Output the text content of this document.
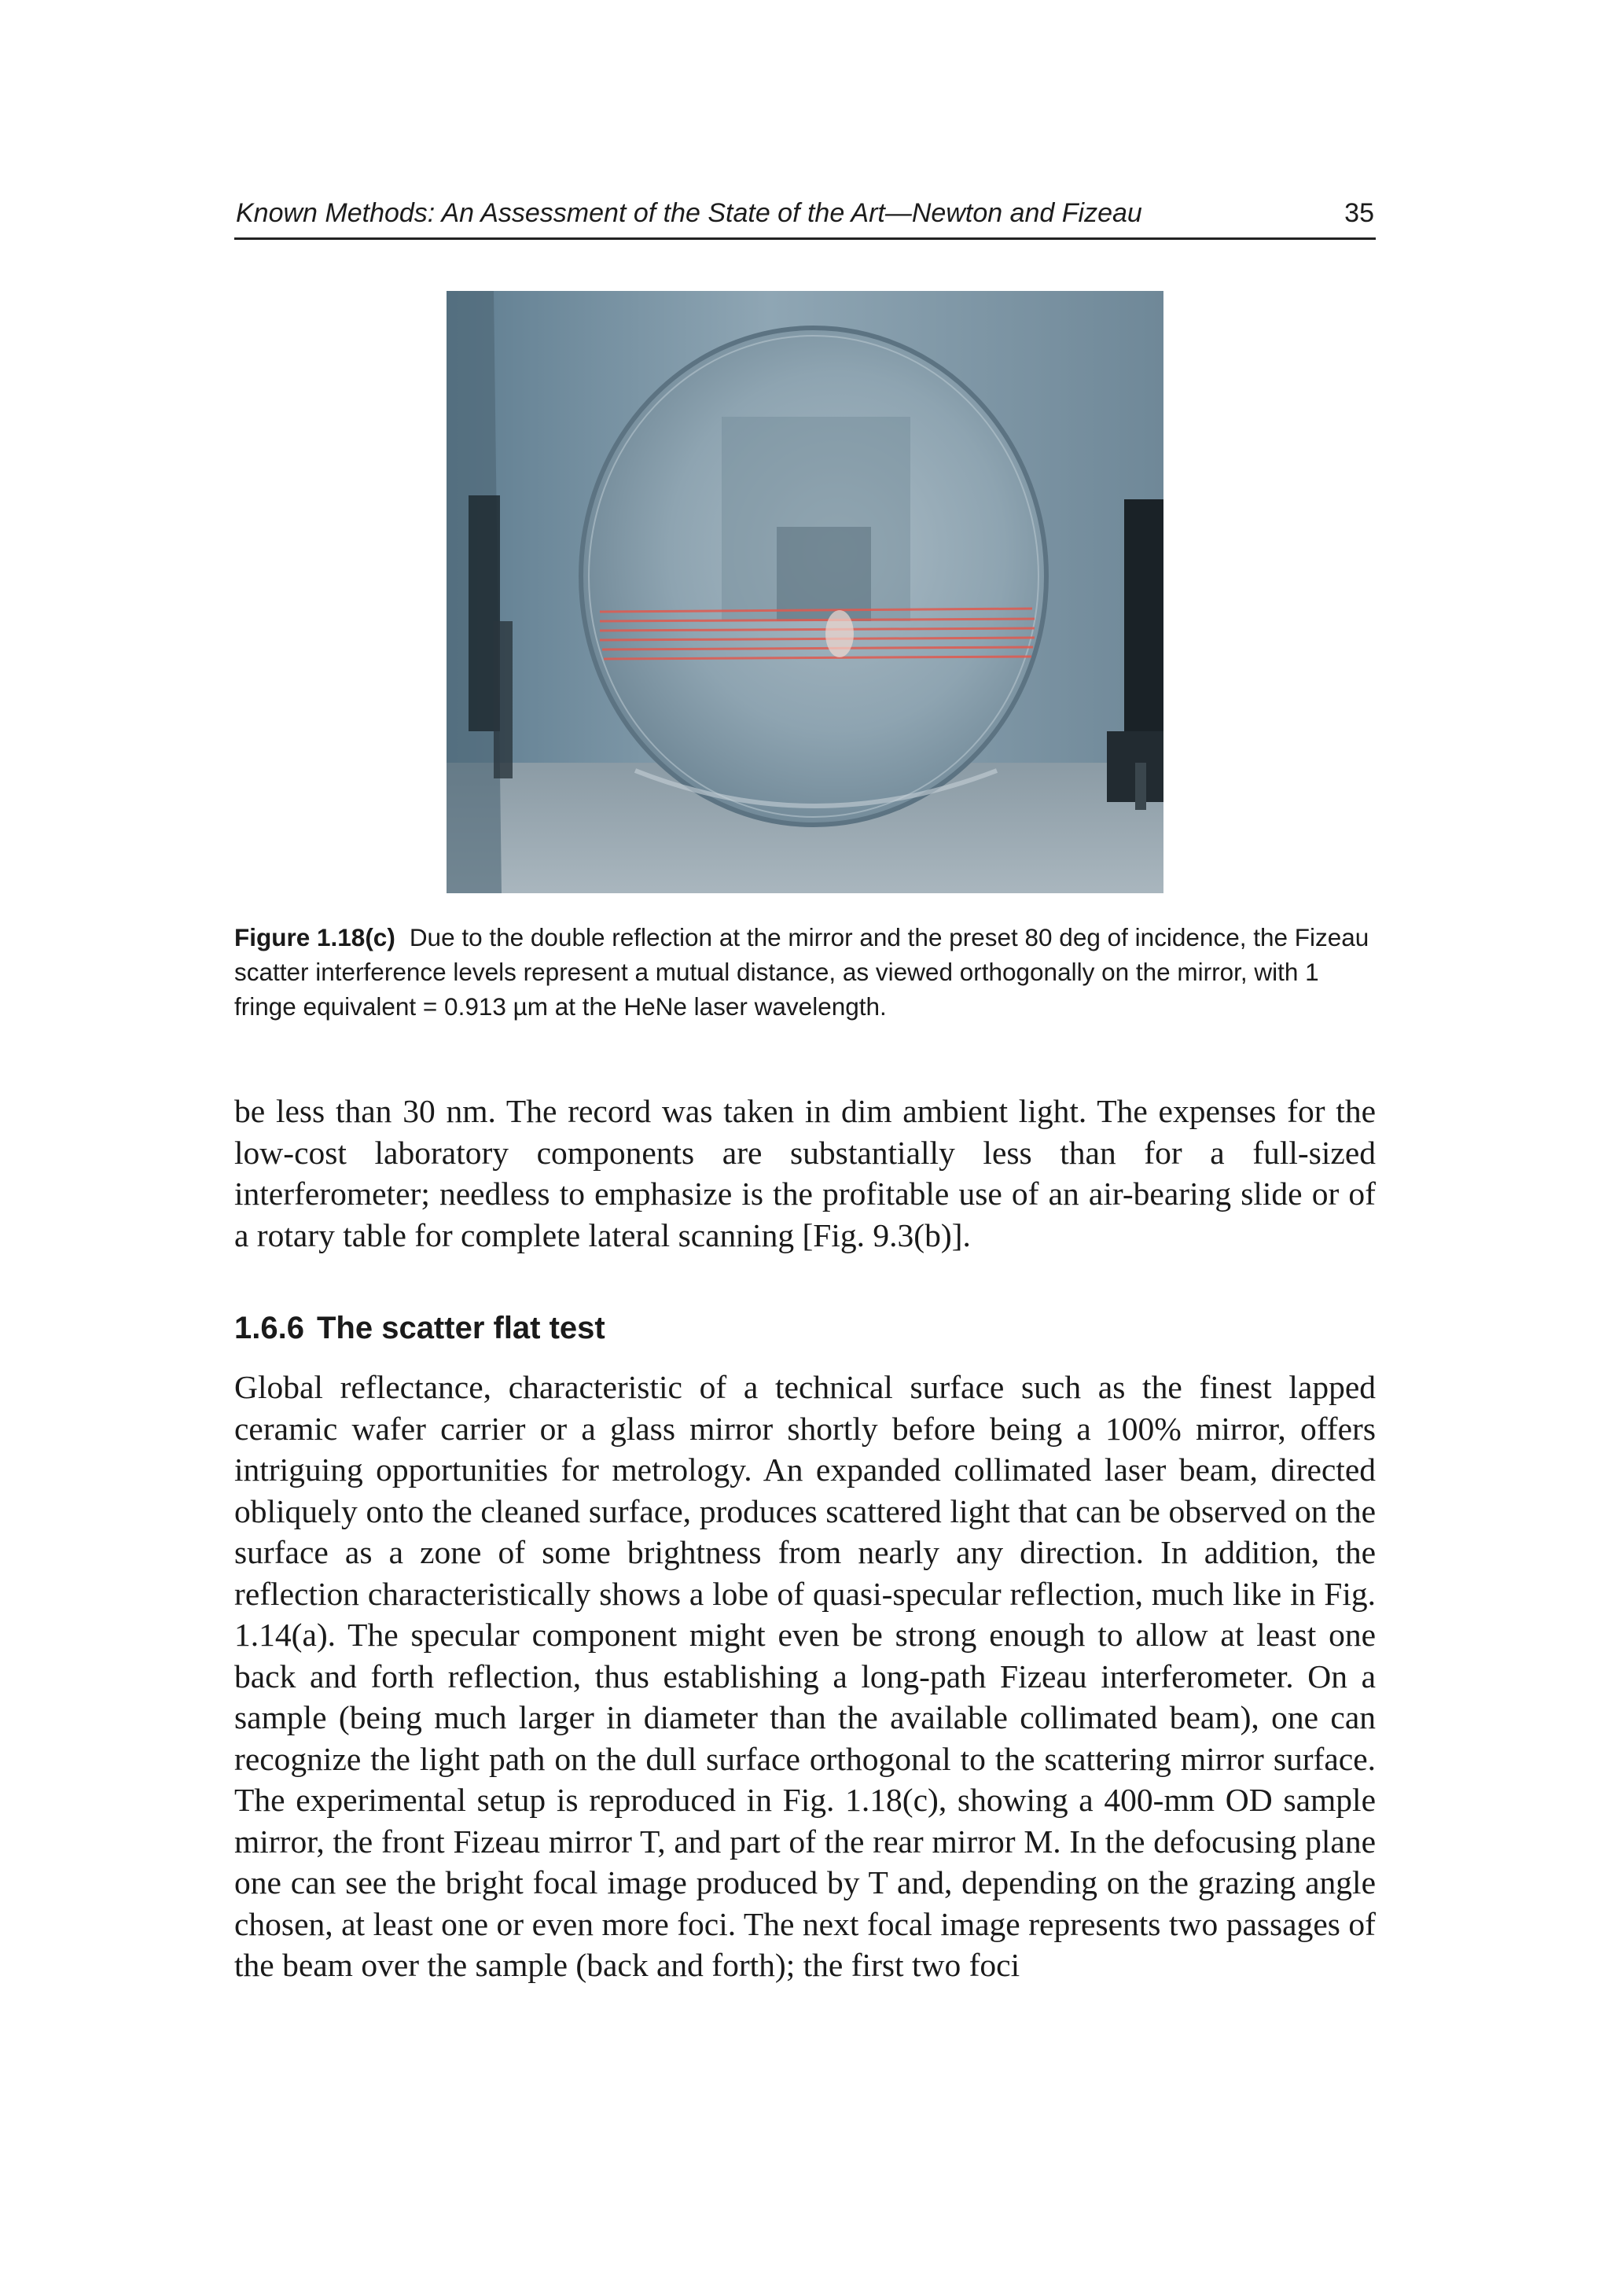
Known Methods: An Assessment of the State of the Art—Newton and Fizeau	35
Figure 1.18(c) Due to the double reflection at the mirror and the preset 80 deg of incidence, the Fizeau scatter interference levels represent a mutual distance, as viewed orthogonally on the mirror, with 1 fringe equivalent = 0.913 µm at the HeNe laser wavelength.

be less than 30 nm. The record was taken in dim ambient light. The expenses for the low-cost laboratory components are substantially less than for a full-sized interferometer; needless to emphasize is the profitable use of an air-bearing slide or of a rotary table for complete lateral scanning [Fig. 9.3(b)].

1.6.6 The scatter flat test

Global reflectance, characteristic of a technical surface such as the finest lapped ceramic wafer carrier or a glass mirror shortly before being a 100% mirror, offers intriguing opportunities for metrology. An expanded collimated laser beam, directed obliquely onto the cleaned surface, produces scattered light that can be observed on the surface as a zone of some brightness from nearly any direction. In addition, the reflection characteristically shows a lobe of quasi-specular reflection, much like in Fig. 1.14(a). The specular component might even be strong enough to allow at least one back and forth reflection, thus establishing a long-path Fizeau interferometer. On a sample (being much larger in diameter than the available collimated beam), one can recognize the light path on the dull surface orthogonal to the scattering mirror surface. The experimental setup is reproduced in Fig. 1.18(c), showing a 400-mm OD sample mirror, the front Fizeau mirror T, and part of the rear mirror M. In the defocusing plane one can see the bright focal image produced by T and, depending on the grazing angle chosen, at least one or even more foci. The next focal image represents two passages of the beam over the sample (back and forth); the first two foci
